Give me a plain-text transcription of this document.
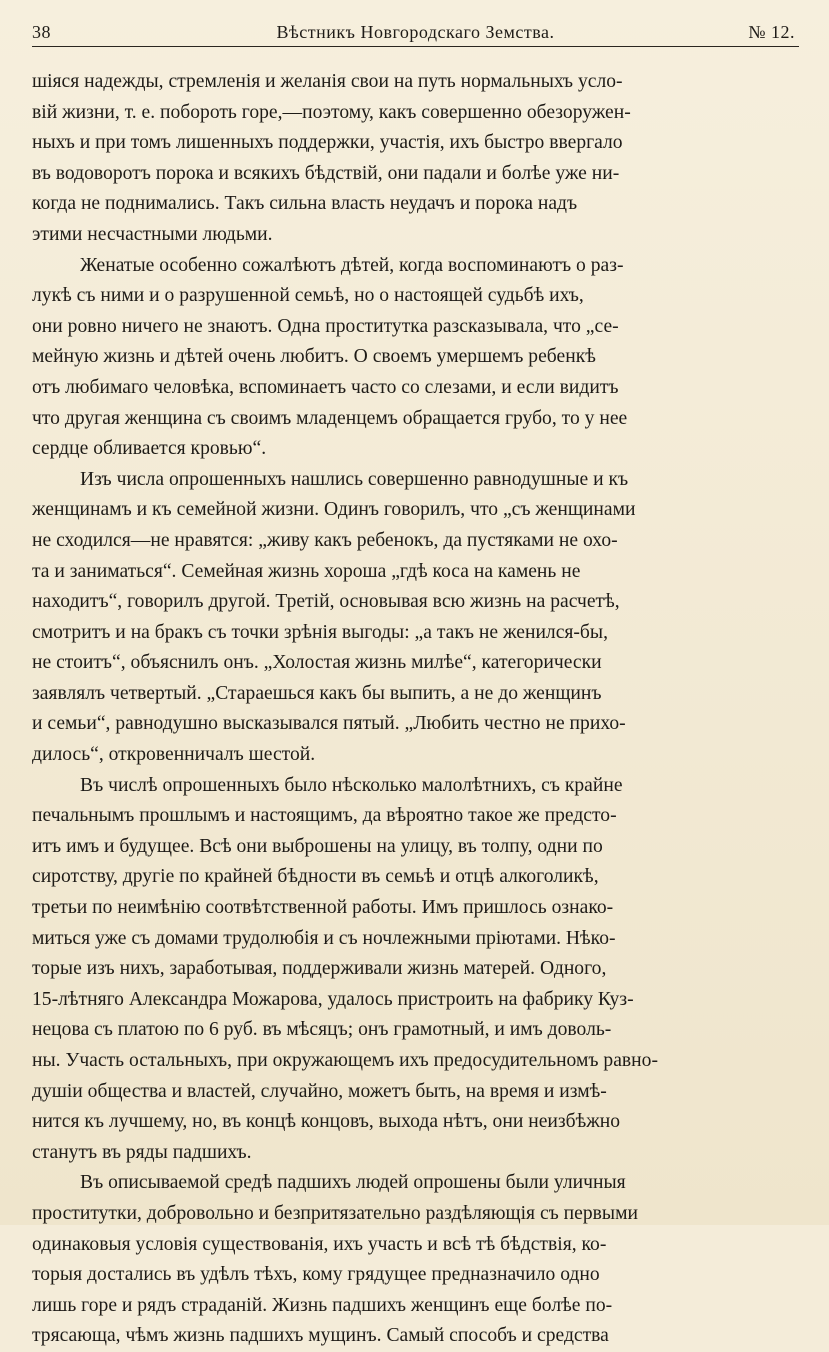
38	Вѣстникъ Новгородскаго Земства.	№ 12.
шіяся надежды, стремленія и желанія свои на путь нормальныхъ усло-
вій жизни, т. е. побороть горе,—поэтому, какъ совершенно обезоружен-
ныхъ и при томъ лишенныхъ поддержки, участія, ихъ быстро ввергало
въ водоворотъ порока и всякихъ бѣдствій, они падали и болѣе уже ни-
когда не поднимались. Такъ сильна власть неудачъ и порока надъ
этими несчастными людьми.
Женатые особенно сожалѣютъ дѣтей, когда воспоминаютъ о раз-
лукѣ съ ними и о разрушенной семьѣ, но о настоящей судьбѣ ихъ,
они ровно ничего не знаютъ. Одна проститутка разсказывала, что „се-
мейную жизнь и дѣтей очень любитъ. О своемъ умершемъ ребенкѣ
отъ любимаго человѣка, вспоминаетъ часто со слезами, и если видитъ
что другая женщина съ своимъ младенцемъ обращается грубо, то у нее
сердце обливается кровью“.
Изъ числа опрошенныхъ нашлись совершенно равнодушные и къ
женщинамъ и къ семейной жизни. Одинъ говорилъ, что „съ женщинами
не сходился—не нравятся: „живу какъ ребенокъ, да пустяками не охо-
та и заниматься“. Семейная жизнь хороша „гдѣ коса на камень не
находитъ“, говорилъ другой. Третій, основывая всю жизнь на расчетѣ,
смотритъ и на бракъ съ точки зрѣнія выгоды: „а такъ не женился-бы,
не стоитъ“, объяснилъ онъ. „Холостая жизнь милѣе“, категорически
заявлялъ четвертый. „Стараешься какъ бы выпить, а не до женщинъ
и семьи“, равнодушно высказывался пятый. „Любить честно не прихо-
дилось“, откровенничалъ шестой.
Въ числѣ опрошенныхъ было нѣсколько малолѣтнихъ, съ крайне
печальнымъ прошлымъ и настоящимъ, да вѣроятно такое же предсто-
итъ имъ и будущее. Всѣ они выброшены на улицу, въ толпу, одни по
сиротству, другіе по крайней бѣдности въ семьѣ и отцѣ алкоголикѣ,
третьи по неимѣнію соотвѣтственной работы. Имъ пришлось ознако-
миться уже съ домами трудолюбія и съ ночлежными пріютами. Нѣко-
торые изъ нихъ, заработывая, поддерживали жизнь матерей. Одного,
15-лѣтняго Александра Можарова, удалось пристроить на фабрику Куз-
нецова съ платою по 6 руб. въ мѣсяцъ; онъ грамотный, и имъ доволь-
ны. Участь остальныхъ, при окружающемъ ихъ предосудительномъ равно-
душіи общества и властей, случайно, можетъ быть, на время и измѣ-
нится къ лучшему, но, въ концѣ концовъ, выхода нѣтъ, они неизбѣжно
станутъ въ ряды падшихъ.
Въ описываемой средѣ падшихъ людей опрошены были уличныя
проститутки, добровольно и безпритязательно раздѣляющія съ первыми
одинаковыя условія существованія, ихъ участь и всѣ тѣ бѣдствія, ко-
торыя достались въ удѣлъ тѣхъ, кому грядущее предназначило одно
лишь горе и рядъ страданій. Жизнь падшихъ женщинъ еще болѣе по-
трясающа, чѣмъ жизнь падшихъ мущинъ. Самый способъ и средства
